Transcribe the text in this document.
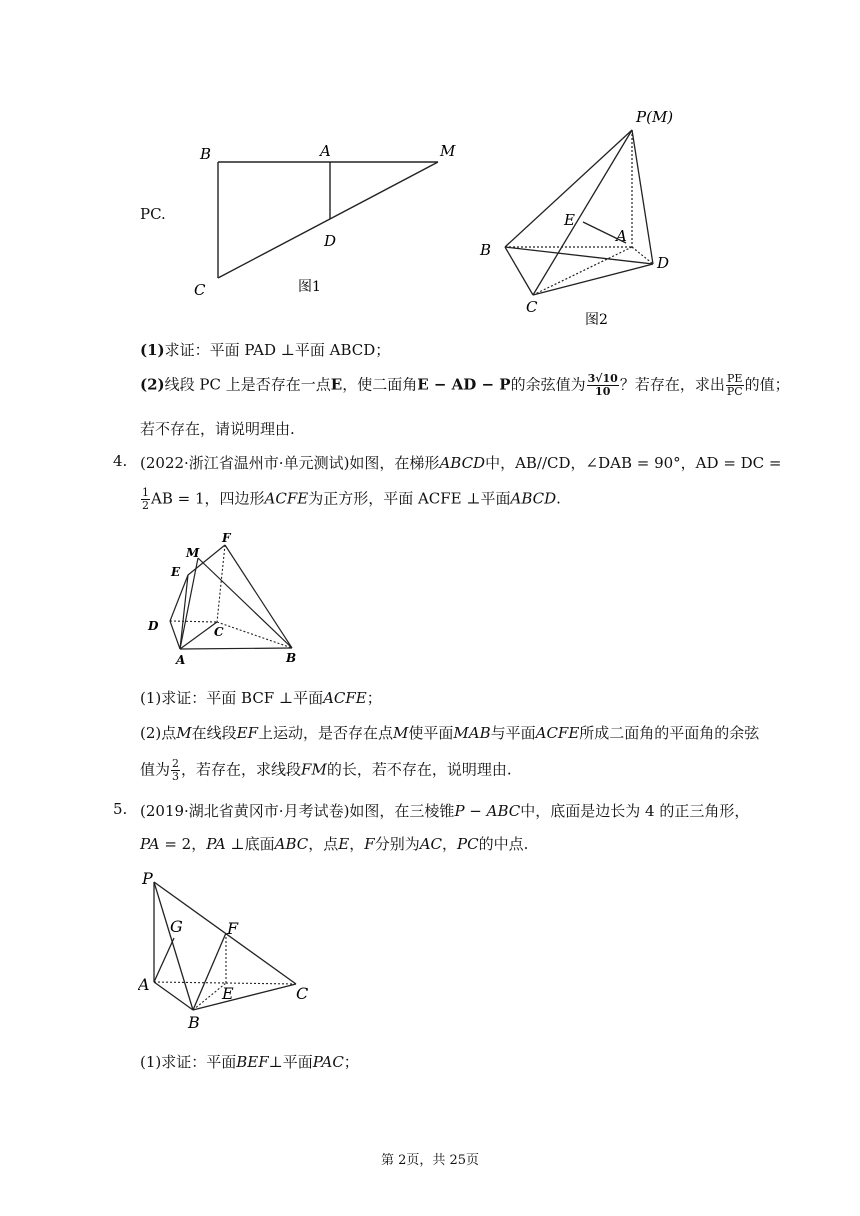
PC.
B	A	M
D
C	图1
P(M)
E
A
B
D
C
图2
(1)求证：平面 PAD ⊥平面 ABCD；
(2)线段 PC 上是否存在一点E，使二面角E − AD − P的余弦值为 $\frac{3√10}{10}$ ？若存在，求出 $\frac{PE}{PC}$ 的值；
若不存在，请说明理由.
4. (2022·浙江省温州市·单元测试)如图，在梯形ABCD中，AB//CD，∠DAB = 90°，AD = DC =
$\frac{1}{2}$ AB = 1，四边形ACFE为正方形，平面 ACFE ⊥平面ABCD.
F
M
E
D	C
A	B
(1)求证：平面 BCF ⊥平面ACFE；
(2)点M在线段EF上运动，是否存在点M使平面MAB与平面ACFE所成二面角的平面角的余弦
值为 $\frac{2}{3}$ ，若存在，求线段FM的长，若不存在，说明理由.
5. (2019·湖北省黄冈市·月考试卷)如图，在三棱锥P − ABC中，底面是边长为 4 的正三角形，
PA = 2，PA ⊥底面ABC，点E，F分别为AC，PC的中点.
P
G	F
A	E	C
B
(1)求证：平面BEF⊥平面PAC；
第 2页，共 25页
